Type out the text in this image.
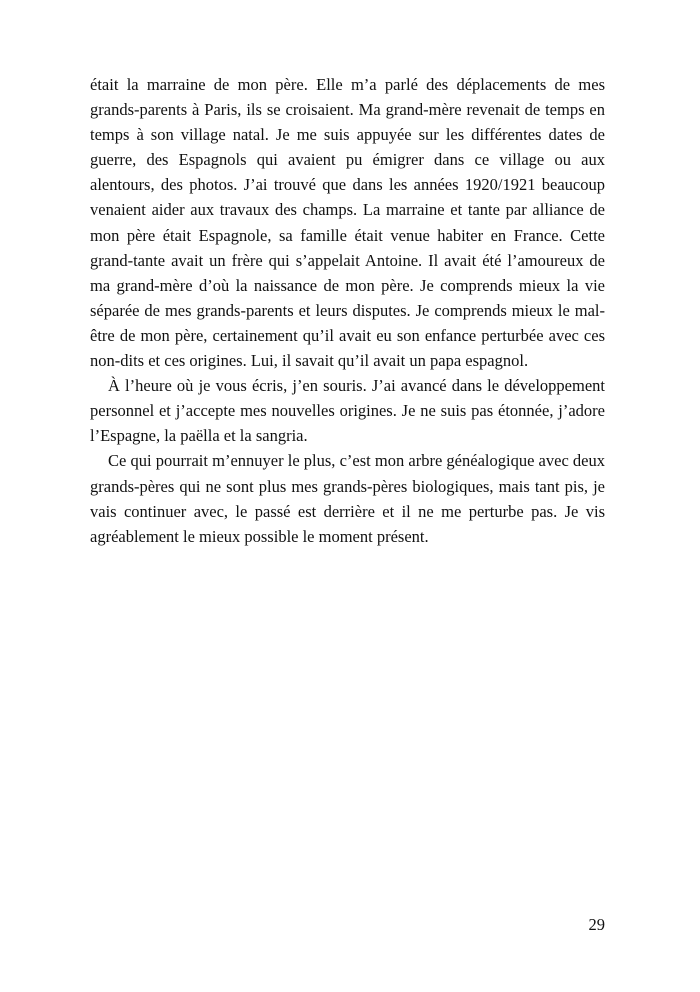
était la marraine de mon père. Elle m’a parlé des déplacements de mes grands-parents à Paris, ils se croisaient. Ma grand-mère revenait de temps en temps à son village natal. Je me suis appuyée sur les différentes dates de guerre, des Espagnols qui avaient pu émigrer dans ce village ou aux alentours, des photos. J’ai trouvé que dans les années 1920/1921 beaucoup venaient aider aux travaux des champs. La marraine et tante par alliance de mon père était Espagnole, sa famille était venue habiter en France. Cette grand-tante avait un frère qui s’appelait Antoine. Il avait été l’amoureux de ma grand-mère d’où la naissance de mon père. Je comprends mieux la vie séparée de mes grands-parents et leurs disputes. Je comprends mieux le mal-être de mon père, certainement qu’il avait eu son enfance perturbée avec ces non-dits et ces origines. Lui, il savait qu’il avait un papa espagnol.

À l’heure où je vous écris, j’en souris. J’ai avancé dans le développement personnel et j’accepte mes nouvelles origines. Je ne suis pas étonnée, j’adore l’Espagne, la paëlla et la sangria.

Ce qui pourrait m’ennuyer le plus, c’est mon arbre généalogique avec deux grands-pères qui ne sont plus mes grands-pères biologiques, mais tant pis, je vais continuer avec, le passé est derrière et il ne me perturbe pas. Je vis agréablement le mieux possible le moment présent.

29
